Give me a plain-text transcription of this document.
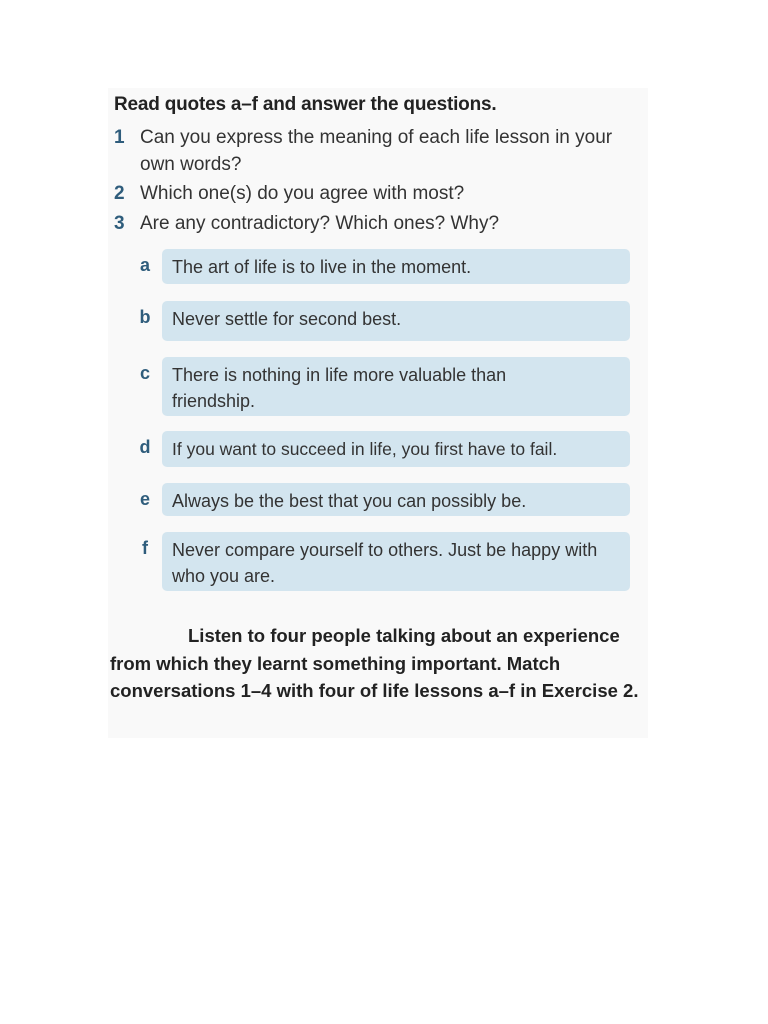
Read quotes a–f and answer the questions.
1 Can you express the meaning of each life lesson in your own words?
2 Which one(s) do you agree with most?
3 Are any contradictory? Which ones? Why?
a	The art of life is to live in the moment.
b	Never settle for second best.
c	There is nothing in life more valuable than friendship.
d	If you want to succeed in life, you first have to fail.
e	Always be the best that you can possibly be.
f	Never compare yourself to others. Just be happy with who you are.
Listen to four people talking about an experience from which they learnt something important. Match conversations 1–4 with four of life lessons a–f in Exercise 2.
